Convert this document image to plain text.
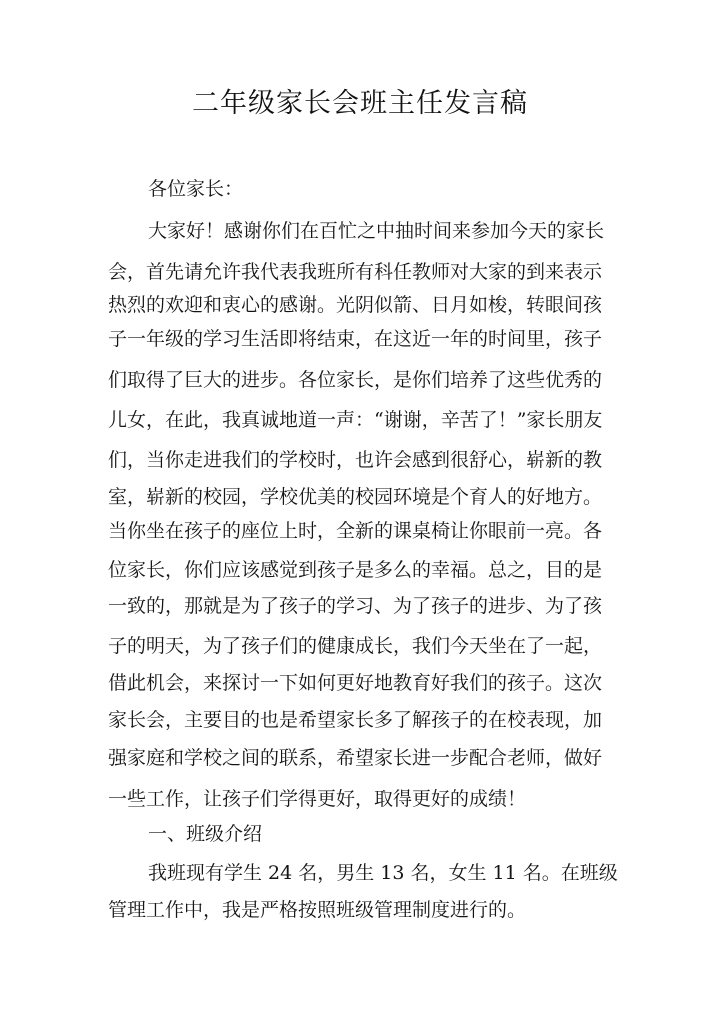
二年级家长会班主任发言稿
各位家长：
大家好！感谢你们在百忙之中抽时间来参加今天的家长
会，首先请允许我代表我班所有科任教师对大家的到来表示
热烈的欢迎和衷心的感谢。光阴似箭、日月如梭，转眼间孩
子一年级的学习生活即将结束，在这近一年的时间里，孩子
们取得了巨大的进步。各位家长，是你们培养了这些优秀的
儿女，在此，我真诚地道一声：“谢谢，辛苦了！”家长朋友
们，当你走进我们的学校时，也许会感到很舒心，崭新的教
室，崭新的校园，学校优美的校园环境是个育人的好地方。
当你坐在孩子的座位上时，全新的课桌椅让你眼前一亮。各
位家长，你们应该感觉到孩子是多么的幸福。总之，目的是
一致的，那就是为了孩子的学习、为了孩子的进步、为了孩
子的明天，为了孩子们的健康成长，我们今天坐在了一起，
借此机会，来探讨一下如何更好地教育好我们的孩子。这次
家长会，主要目的也是希望家长多了解孩子的在校表现，加
强家庭和学校之间的联系，希望家长进一步配合老师，做好
一些工作，让孩子们学得更好，取得更好的成绩！
一、班级介绍
我班现有学生 24 名，男生 13 名，女生 11 名。在班级
管理工作中，我是严格按照班级管理制度进行的。
